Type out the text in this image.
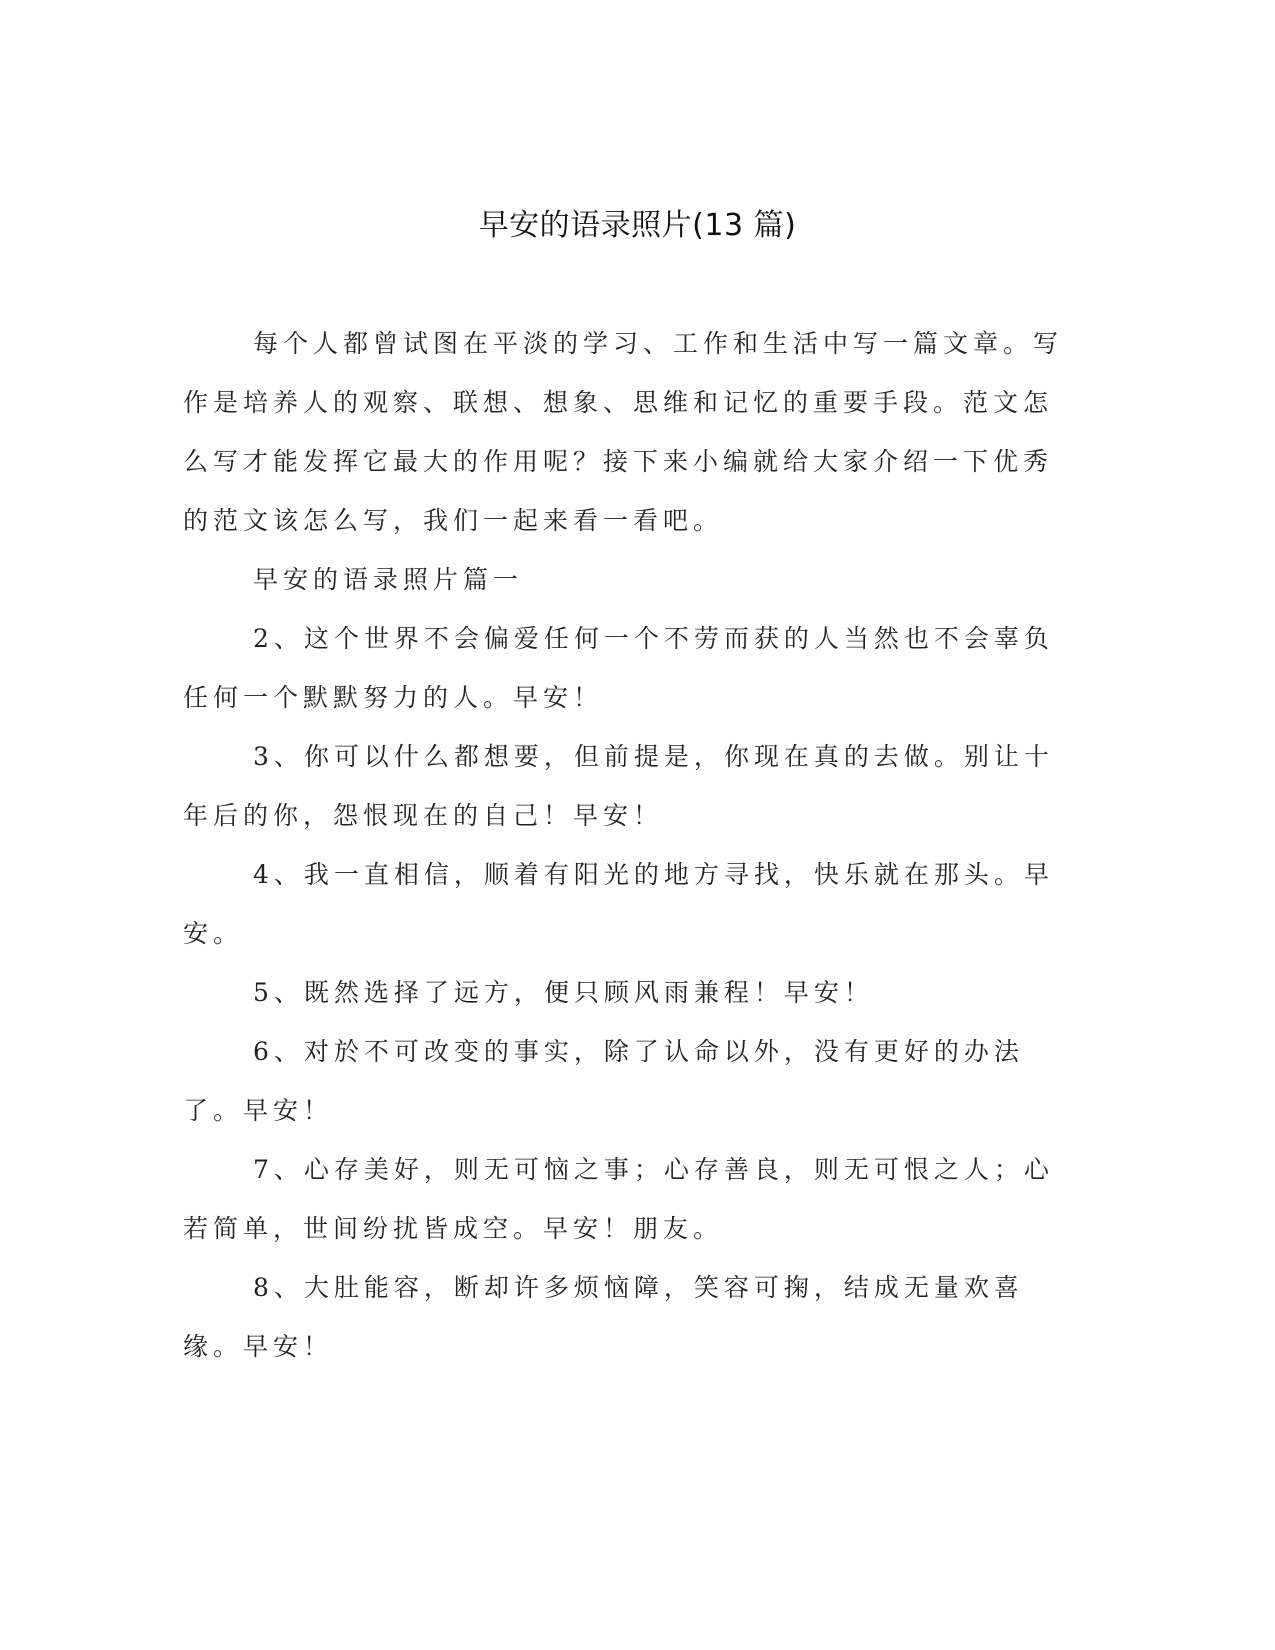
早安的语录照片(13 篇)

每个人都曾试图在平淡的学习、工作和生活中写一篇文章。写作是培养人的观察、联想、想象、思维和记忆的重要手段。范文怎么写才能发挥它最大的作用呢？接下来小编就给大家介绍一下优秀的范文该怎么写，我们一起来看一看吧。

早安的语录照片篇一

2、这个世界不会偏爱任何一个不劳而获的人当然也不会辜负任何一个默默努力的人。早安！

3、你可以什么都想要，但前提是，你现在真的去做。别让十年后的你，怨恨现在的自己！早安！

4、我一直相信，顺着有阳光的地方寻找，快乐就在那头。早安。

5、既然选择了远方，便只顾风雨兼程！早安！

6、对於不可改变的事实，除了认命以外，没有更好的办法了。早安！

7、心存美好，则无可恼之事；心存善良，则无可恨之人；心若简单，世间纷扰皆成空。早安！朋友。

8、大肚能容，断却许多烦恼障，笑容可掬，结成无量欢喜缘。早安！
